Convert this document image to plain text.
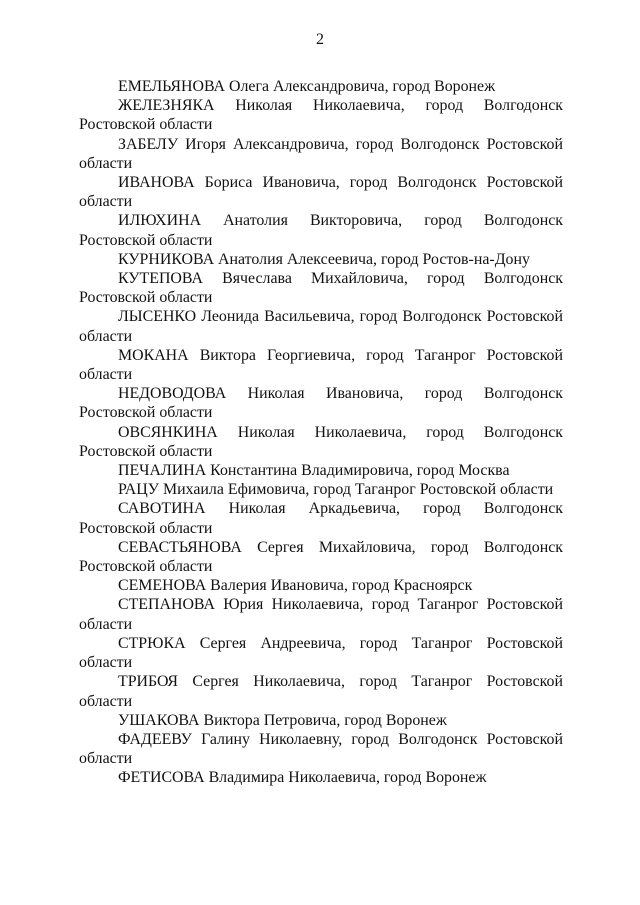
2
ЕМЕЛЬЯНОВА Олега Александровича, город Воронеж
ЖЕЛЕЗНЯКА Николая Николаевича, город Волгодонск Ростовской области
ЗАБЕЛУ Игоря Александровича, город Волгодонск Ростовской области
ИВАНОВА Бориса Ивановича, город Волгодонск Ростовской области
ИЛЮХИНА Анатолия Викторовича, город Волгодонск Ростовской области
КУРНИКОВА Анатолия Алексеевича, город Ростов-на-Дону
КУТЕПОВА Вячеслава Михайловича, город Волгодонск Ростовской области
ЛЫСЕНКО Леонида Васильевича, город Волгодонск Ростовской области
МОКАНА Виктора Георгиевича, город Таганрог Ростовской области
НЕДОВОДОВА Николая Ивановича, город Волгодонск Ростовской области
ОВСЯНКИНА Николая Николаевича, город Волгодонск Ростовской области
ПЕЧАЛИНА Константина Владимировича, город Москва
РАЦУ Михаила Ефимовича, город Таганрог Ростовской области
САВОТИНА Николая Аркадьевича, город Волгодонск Ростовской области
СЕВАСТЬЯНОВА Сергея Михайловича, город Волгодонск Ростовской области
СЕМЕНОВА Валерия Ивановича, город Красноярск
СТЕПАНОВА Юрия Николаевича, город Таганрог Ростовской области
СТРЮКА Сергея Андреевича, город Таганрог Ростовской области
ТРИБОЯ Сергея Николаевича, город Таганрог Ростовской области
УШАКОВА Виктора Петровича, город Воронеж
ФАДЕЕВУ Галину Николаевну, город Волгодонск Ростовской области
ФЕТИСОВА Владимира Николаевича, город Воронеж
